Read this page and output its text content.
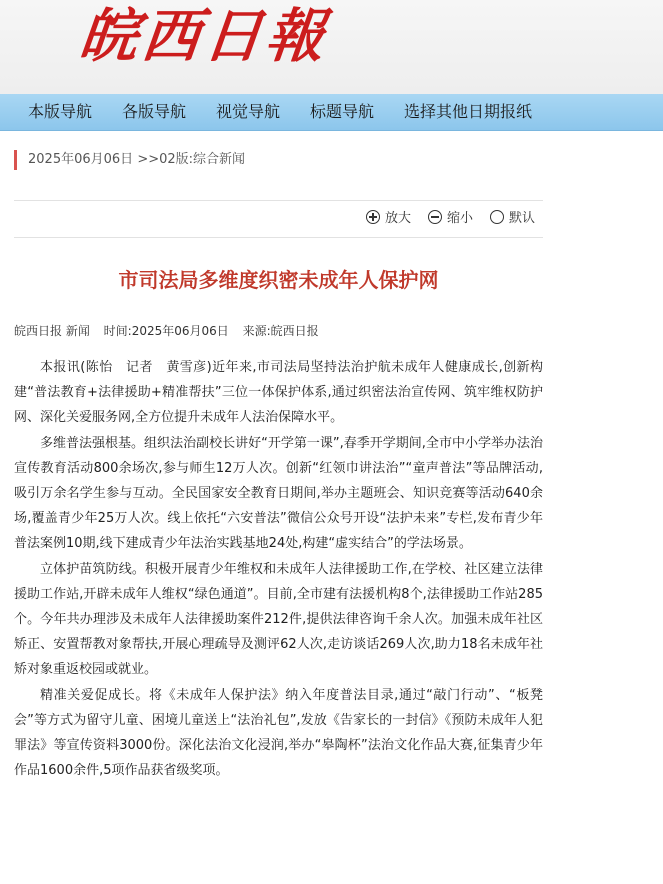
皖西日報
本版导航 各版导航 视觉导航 标题导航 选择其他日期报纸
2025年06月06日 >>02版:综合新闻
放大	缩小	默认
市司法局多维度织密未成年人保护网
皖西日报 新闻 时间:2025年06月06日 来源:皖西日报

本报讯(陈怡　记者　黄雪彦)近年来,市司法局坚持法治护航未成年人健康成长,创新构建“普法教育+法律援助+精准帮扶”三位一体保护体系,通过织密法治宣传网、筑牢维权防护网、深化关爱服务网,全方位提升未成年人法治保障水平。

多维普法强根基。组织法治副校长讲好“开学第一课”,春季开学期间,全市中小学举办法治宣传教育活动800余场次,参与师生12万人次。创新“红领巾讲法治”“童声普法”等品牌活动,吸引万余名学生参与互动。全民国家安全教育日期间,举办主题班会、知识竞赛等活动640余场,覆盖青少年25万人次。线上依托“六安普法”微信公众号开设“法护未来”专栏,发布青少年普法案例10期,线下建成青少年法治实践基地24处,构建“虚实结合”的学法场景。

立体护苗筑防线。积极开展青少年维权和未成年人法律援助工作,在学校、社区建立法律援助工作站,开辟未成年人维权“绿色通道”。目前,全市建有法援机构8个,法律援助工作站285个。今年共办理涉及未成年人法律援助案件212件,提供法律咨询千余人次。加强未成年社区矫正、安置帮教对象帮扶,开展心理疏导及测评62人次,走访谈话269人次,助力18名未成年社矫对象重返校园或就业。

精准关爱促成长。将《未成年人保护法》纳入年度普法目录,通过“敲门行动”、“板凳会”等方式为留守儿童、困境儿童送上“法治礼包”,发放《告家长的一封信》《预防未成年人犯罪法》等宣传资料3000份。深化法治文化浸润,举办“皋陶杯”法治文化作品大赛,征集青少年作品1600余件,5项作品获省级奖项。
